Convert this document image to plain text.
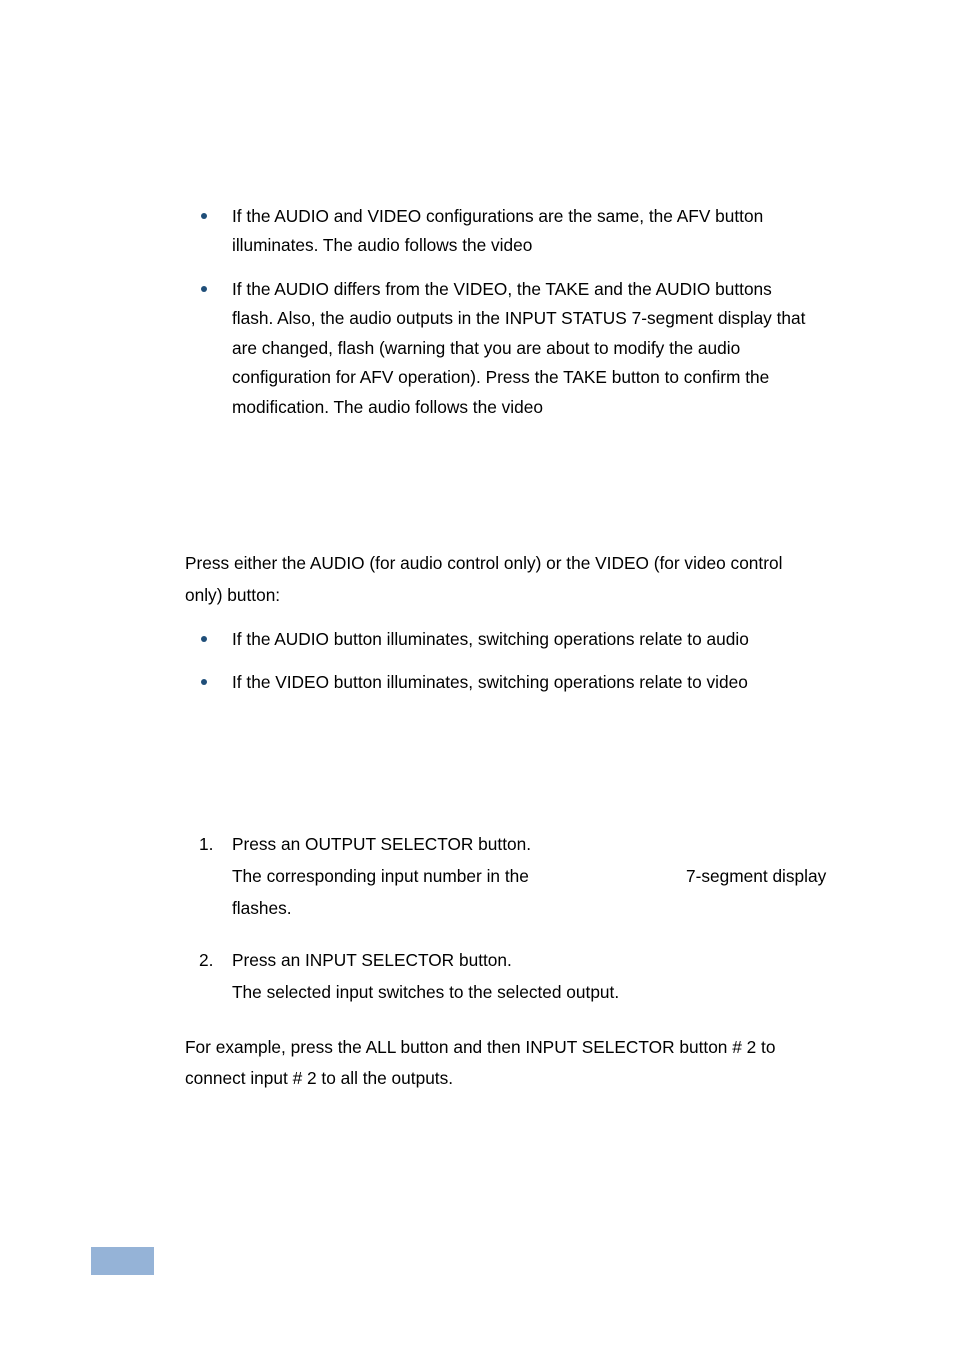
If the AUDIO and VIDEO configurations are the same, the AFV button
illuminates. The audio follows the video
If the AUDIO differs from the VIDEO, the TAKE and the AUDIO buttons
flash. Also, the audio outputs in the INPUT STATUS 7-segment display that
are changed, flash (warning that you are about to modify the audio
configuration for AFV operation). Press the TAKE button to confirm the
modification. The audio follows the video
Press either the AUDIO (for audio control only) or the VIDEO (for video control
only) button:
If the AUDIO button illuminates, switching operations relate to audio
If the VIDEO button illuminates, switching operations relate to video
1. Press an OUTPUT SELECTOR button.
The corresponding input number in the	7-segment display
flashes.
2. Press an INPUT SELECTOR button.
The selected input switches to the selected output.
For example, press the ALL button and then INPUT SELECTOR button # 2 to
connect input # 2 to all the outputs.
